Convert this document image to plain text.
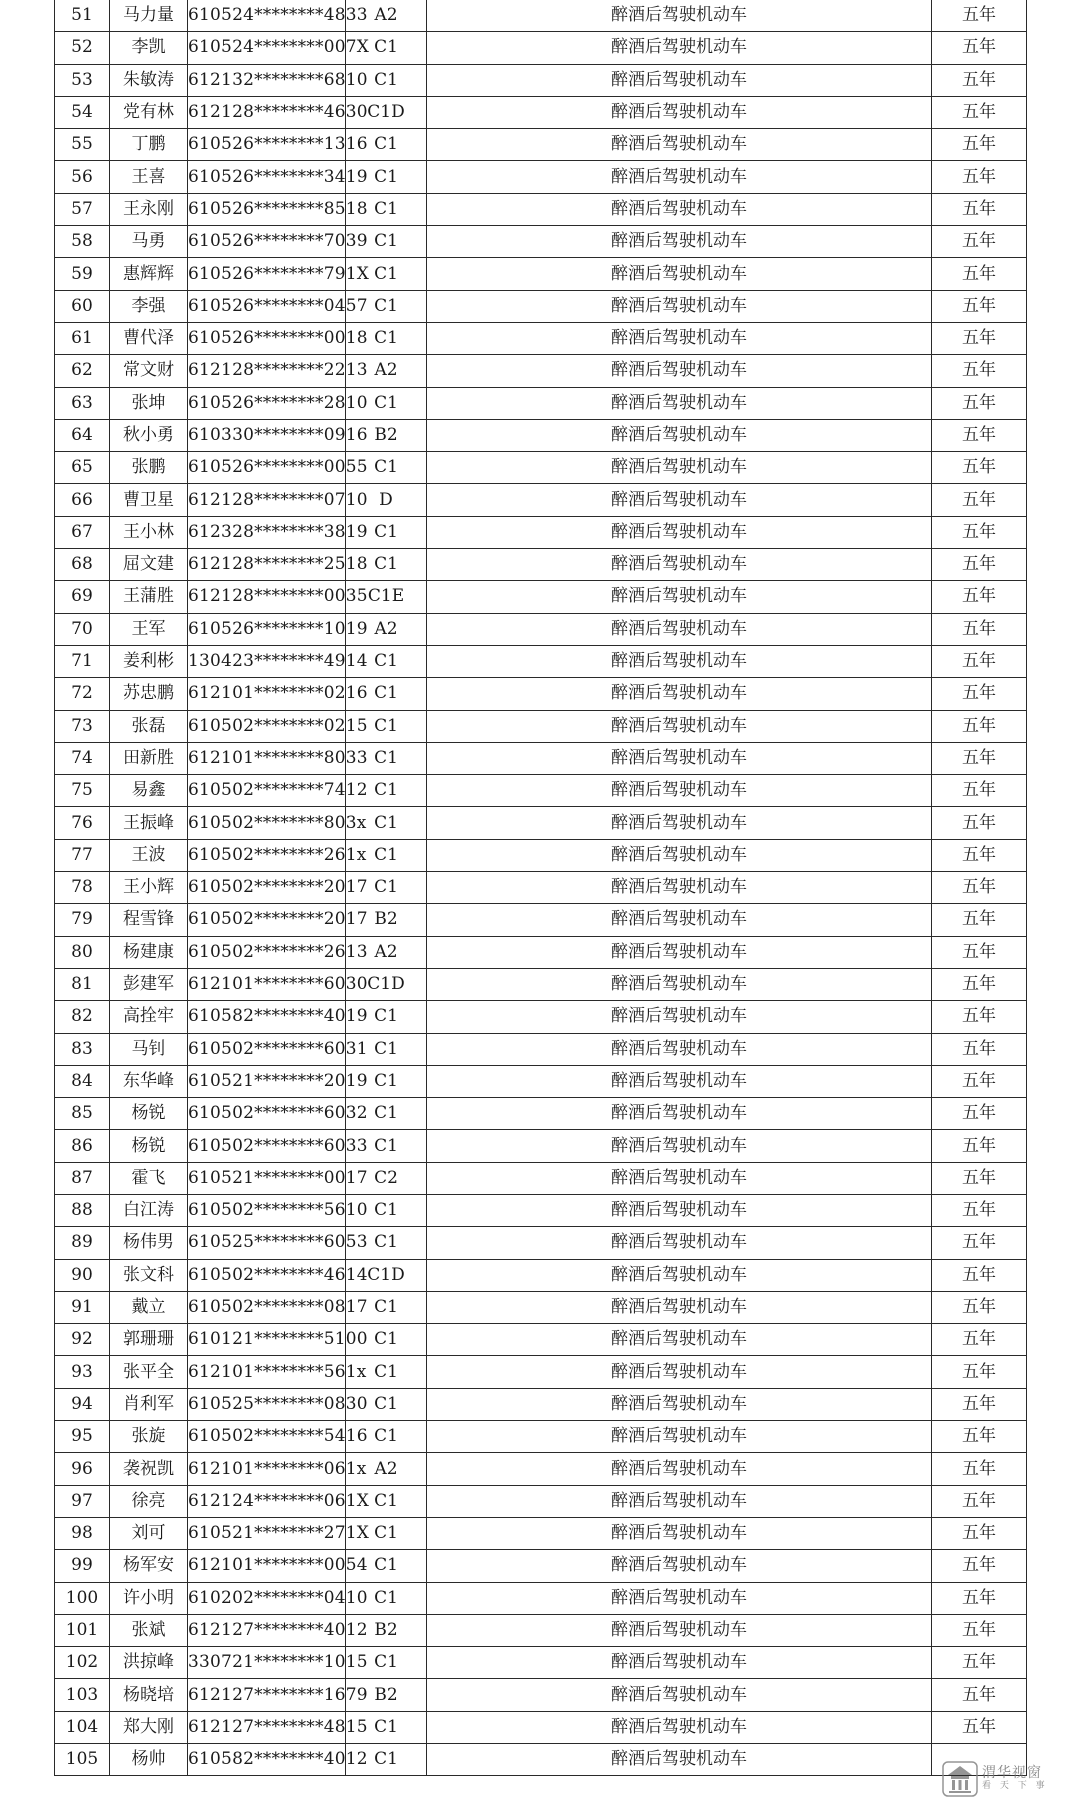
51	马力量	610524********4833	A2	醉酒后驾驶机动车	五年
52	李凯	610524********007X	C1	醉酒后驾驶机动车	五年
53	朱敏涛	612132********6810	C1	醉酒后驾驶机动车	五年
54	党有林	612128********4630	C1D	醉酒后驾驶机动车	五年
55	丁鹏	610526********1316	C1	醉酒后驾驶机动车	五年
56	王喜	610526********3419	C1	醉酒后驾驶机动车	五年
57	王永刚	610526********8518	C1	醉酒后驾驶机动车	五年
58	马勇	610526********7039	C1	醉酒后驾驶机动车	五年
59	惠辉辉	610526********791X	C1	醉酒后驾驶机动车	五年
60	李强	610526********0457	C1	醉酒后驾驶机动车	五年
61	曹代泽	610526********0018	C1	醉酒后驾驶机动车	五年
62	常文财	612128********2213	A2	醉酒后驾驶机动车	五年
63	张坤	610526********2810	C1	醉酒后驾驶机动车	五年
64	秋小勇	610330********0916	B2	醉酒后驾驶机动车	五年
65	张鹏	610526********0055	C1	醉酒后驾驶机动车	五年
66	曹卫星	612128********0710	D	醉酒后驾驶机动车	五年
67	王小林	612328********3819	C1	醉酒后驾驶机动车	五年
68	屈文建	612128********2518	C1	醉酒后驾驶机动车	五年
69	王蒲胜	612128********0035	C1E	醉酒后驾驶机动车	五年
70	王军	610526********1019	A2	醉酒后驾驶机动车	五年
71	姜利彬	130423********4914	C1	醉酒后驾驶机动车	五年
72	苏忠鹏	612101********0216	C1	醉酒后驾驶机动车	五年
73	张磊	610502********0215	C1	醉酒后驾驶机动车	五年
74	田新胜	612101********8033	C1	醉酒后驾驶机动车	五年
75	易鑫	610502********7412	C1	醉酒后驾驶机动车	五年
76	王振峰	610502********803x	C1	醉酒后驾驶机动车	五年
77	王波	610502********261x	C1	醉酒后驾驶机动车	五年
78	王小辉	610502********2017	C1	醉酒后驾驶机动车	五年
79	程雪锋	610502********2017	B2	醉酒后驾驶机动车	五年
80	杨建康	610502********2613	A2	醉酒后驾驶机动车	五年
81	彭建军	612101********6030	C1D	醉酒后驾驶机动车	五年
82	高拴牢	610582********4019	C1	醉酒后驾驶机动车	五年
83	马钊	610502********6031	C1	醉酒后驾驶机动车	五年
84	东华峰	610521********2019	C1	醉酒后驾驶机动车	五年
85	杨锐	610502********6032	C1	醉酒后驾驶机动车	五年
86	杨锐	610502********6033	C1	醉酒后驾驶机动车	五年
87	霍飞	610521********0017	C2	醉酒后驾驶机动车	五年
88	白江涛	610502********5610	C1	醉酒后驾驶机动车	五年
89	杨伟男	610525********6053	C1	醉酒后驾驶机动车	五年
90	张文科	610502********4614	C1D	醉酒后驾驶机动车	五年
91	戴立	610502********0817	C1	醉酒后驾驶机动车	五年
92	郭珊珊	610121********5100	C1	醉酒后驾驶机动车	五年
93	张平全	612101********561x	C1	醉酒后驾驶机动车	五年
94	肖利军	610525********0830	C1	醉酒后驾驶机动车	五年
95	张旋	610502********5416	C1	醉酒后驾驶机动车	五年
96	袭祝凯	612101********061x	A2	醉酒后驾驶机动车	五年
97	徐亮	612124********061X	C1	醉酒后驾驶机动车	五年
98	刘可	610521********271X	C1	醉酒后驾驶机动车	五年
99	杨军安	612101********0054	C1	醉酒后驾驶机动车	五年
100	许小明	610202********0410	C1	醉酒后驾驶机动车	五年
101	张斌	612127********4012	B2	醉酒后驾驶机动车	五年
102	洪掠峰	330721********1015	C1	醉酒后驾驶机动车	五年
103	杨晓培	612127********1679	B2	醉酒后驾驶机动车	五年
104	郑大刚	612127********4815	C1	醉酒后驾驶机动车	五年
105	杨帅	610582********4012	C1	醉酒后驾驶机动车	
渭华视窗
看 天 下 事
